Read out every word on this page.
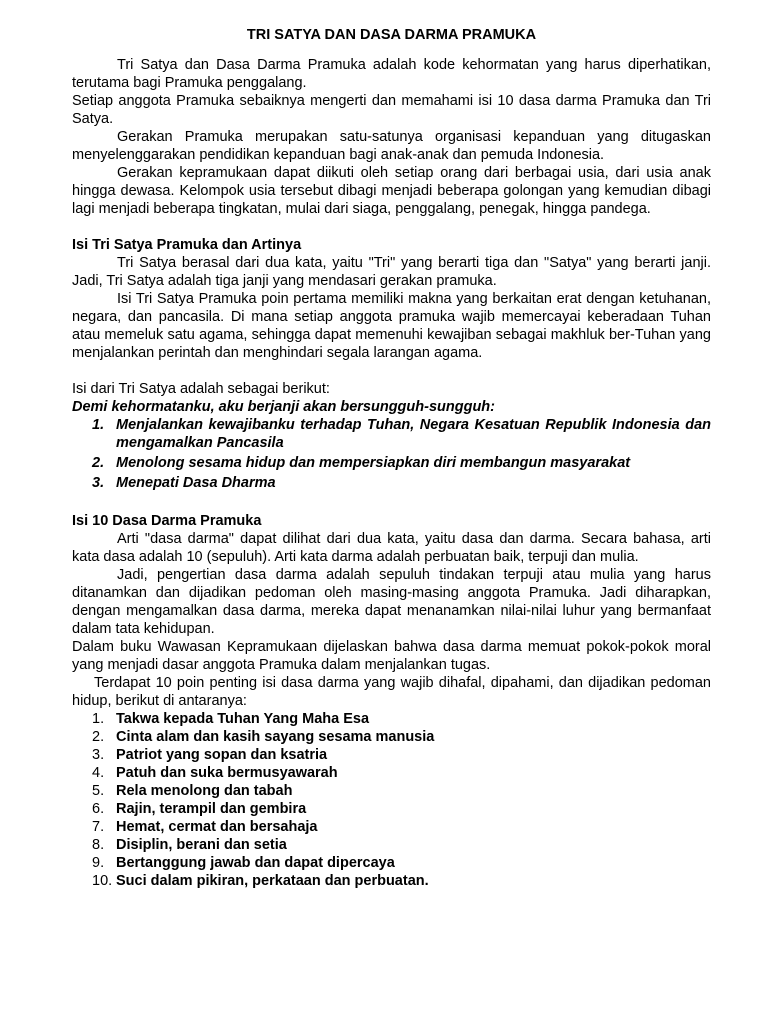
TRI SATYA DAN DASA DARMA PRAMUKA

Tri Satya dan Dasa Darma Pramuka adalah kode kehormatan yang harus diperhatikan, terutama bagi Pramuka penggalang.

Setiap anggota Pramuka sebaiknya mengerti dan memahami isi 10 dasa darma Pramuka dan Tri Satya.

Gerakan Pramuka merupakan satu-satunya organisasi kepanduan yang ditugaskan menyelenggarakan pendidikan kepanduan bagi anak-anak dan pemuda Indonesia.

Gerakan kepramukaan dapat diikuti oleh setiap orang dari berbagai usia, dari usia anak hingga dewasa. Kelompok usia tersebut dibagi menjadi beberapa golongan yang kemudian dibagi lagi menjadi beberapa tingkatan, mulai dari siaga, penggalang, penegak, hingga pandega.

Isi Tri Satya Pramuka dan Artinya

Tri Satya berasal dari dua kata, yaitu "Tri" yang berarti tiga dan "Satya" yang berarti janji. Jadi, Tri Satya adalah tiga janji yang mendasari gerakan pramuka.

Isi Tri Satya Pramuka poin pertama memiliki makna yang berkaitan erat dengan ketuhanan, negara, dan pancasila. Di mana setiap anggota pramuka wajib memercayai keberadaan Tuhan atau memeluk satu agama, sehingga dapat memenuhi kewajiban sebagai makhluk ber-Tuhan yang menjalankan perintah dan menghindari segala larangan agama.

Isi dari Tri Satya adalah sebagai berikut:

Demi kehormatanku, aku berjanji akan bersungguh-sungguh:

1. Menjalankan kewajibanku terhadap Tuhan, Negara Kesatuan Republik Indonesia dan mengamalkan Pancasila
2. Menolong sesama hidup dan mempersiapkan diri membangun masyarakat
3. Menepati Dasa Dharma
Isi 10 Dasa Darma Pramuka

Arti "dasa darma" dapat dilihat dari dua kata, yaitu dasa dan darma. Secara bahasa, arti kata dasa adalah 10 (sepuluh). Arti kata darma adalah perbuatan baik, terpuji dan mulia.

Jadi, pengertian dasa darma adalah sepuluh tindakan terpuji atau mulia yang harus ditanamkan dan dijadikan pedoman oleh masing-masing anggota Pramuka. Jadi diharapkan, dengan mengamalkan dasa darma, mereka dapat menanamkan nilai-nilai luhur yang bermanfaat dalam tata kehidupan.

Dalam buku Wawasan Kepramukaan dijelaskan bahwa dasa darma memuat pokok-pokok moral yang menjadi dasar anggota Pramuka dalam menjalankan tugas.

Terdapat 10 poin penting isi dasa darma yang wajib dihafal, dipahami, dan dijadikan pedoman hidup, berikut di antaranya:

1. Takwa kepada Tuhan Yang Maha Esa
2. Cinta alam dan kasih sayang sesama manusia
3. Patriot yang sopan dan ksatria
4. Patuh dan suka bermusyawarah
5. Rela menolong dan tabah
6. Rajin, terampil dan gembira
7. Hemat, cermat dan bersahaja
8. Disiplin, berani dan setia
9. Bertanggung jawab dan dapat dipercaya
10. Suci dalam pikiran, perkataan dan perbuatan.
